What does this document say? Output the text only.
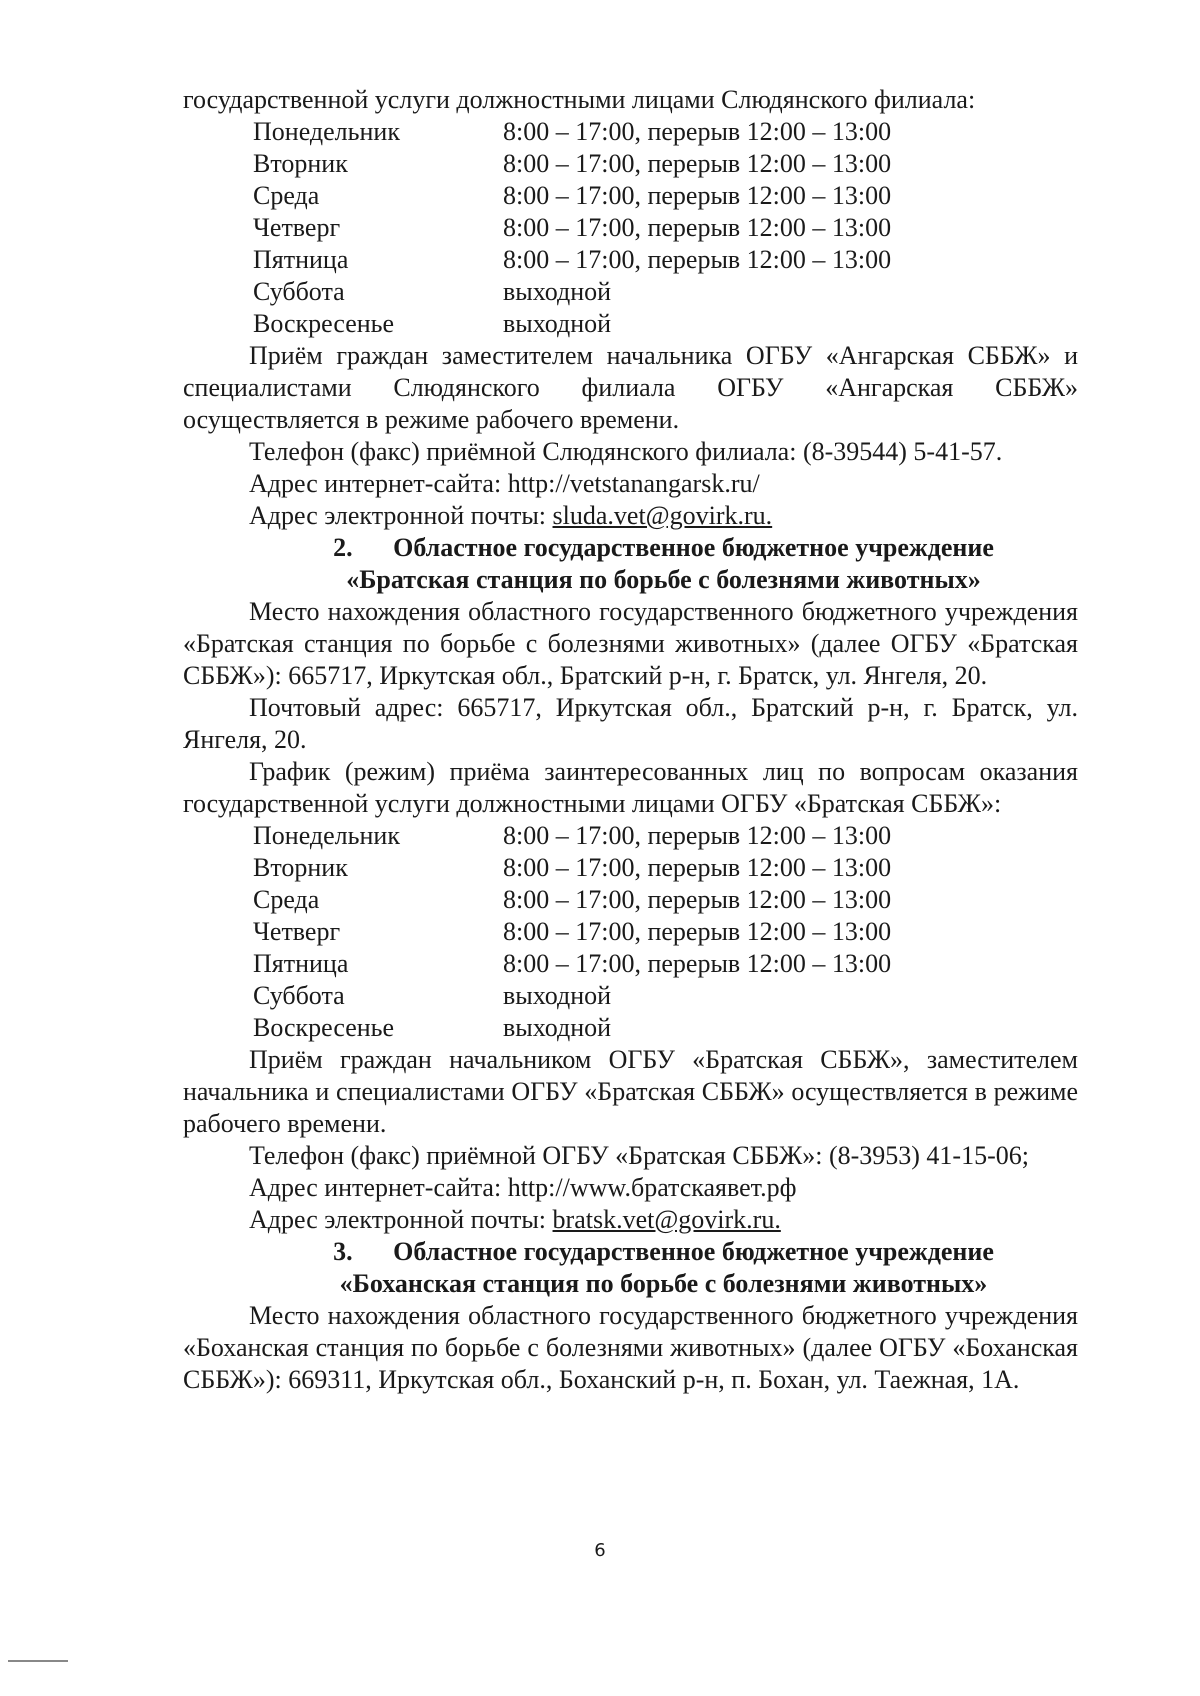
государственной услуги должностными лицами Слюдянского филиала:

Понедельник	8:00 – 17:00, перерыв 12:00 – 13:00
Вторник	8:00 – 17:00, перерыв 12:00 – 13:00
Среда	8:00 – 17:00, перерыв 12:00 – 13:00
Четверг	8:00 – 17:00, перерыв 12:00 – 13:00
Пятница	8:00 – 17:00, перерыв 12:00 – 13:00
Суббота	выходной
Воскресенье	выходной

Приём граждан заместителем начальника ОГБУ «Ангарская СББЖ» и специалистами Слюдянского филиала ОГБУ «Ангарская СББЖ» осуществляется в режиме рабочего времени.

Телефон (факс) приёмной Слюдянского филиала: (8-39544) 5-41-57.

Адрес интернет-сайта: http://vetstanangarsk.ru/

Адрес электронной почты: sluda.vet@govirk.ru.

2. Областное государственное бюджетное учреждение

«Братская станция по борьбе с болезнями животных»

Место нахождения областного государственного бюджетного учреждения «Братская станция по борьбе с болезнями животных» (далее ОГБУ «Братская СББЖ»): 665717, Иркутская обл., Братский р-н, г. Братск, ул. Янгеля, 20.

Почтовый адрес: 665717, Иркутская обл., Братский р-н, г. Братск, ул. Янгеля, 20.

График (режим) приёма заинтересованных лиц по вопросам оказания государственной услуги должностными лицами ОГБУ «Братская СББЖ»:

Понедельник	8:00 – 17:00, перерыв 12:00 – 13:00
Вторник	8:00 – 17:00, перерыв 12:00 – 13:00
Среда	8:00 – 17:00, перерыв 12:00 – 13:00
Четверг	8:00 – 17:00, перерыв 12:00 – 13:00
Пятница	8:00 – 17:00, перерыв 12:00 – 13:00
Суббота	выходной
Воскресенье	выходной

Приём граждан начальником ОГБУ «Братская СББЖ», заместителем начальника и специалистами ОГБУ «Братская СББЖ» осуществляется в режиме рабочего времени.

Телефон (факс) приёмной ОГБУ «Братская СББЖ»: (8-3953) 41-15-06;

Адрес интернет-сайта: http://www.братскаявет.рф

Адрес электронной почты: bratsk.vet@govirk.ru.

3. Областное государственное бюджетное учреждение

«Боханская станция по борьбе с болезнями животных»

Место нахождения областного государственного бюджетного учреждения «Боханская станция по борьбе с болезнями животных» (далее ОГБУ «Боханская СББЖ»): 669311, Иркутская обл., Боханский р-н, п. Бохан, ул. Таежная, 1А.

6
